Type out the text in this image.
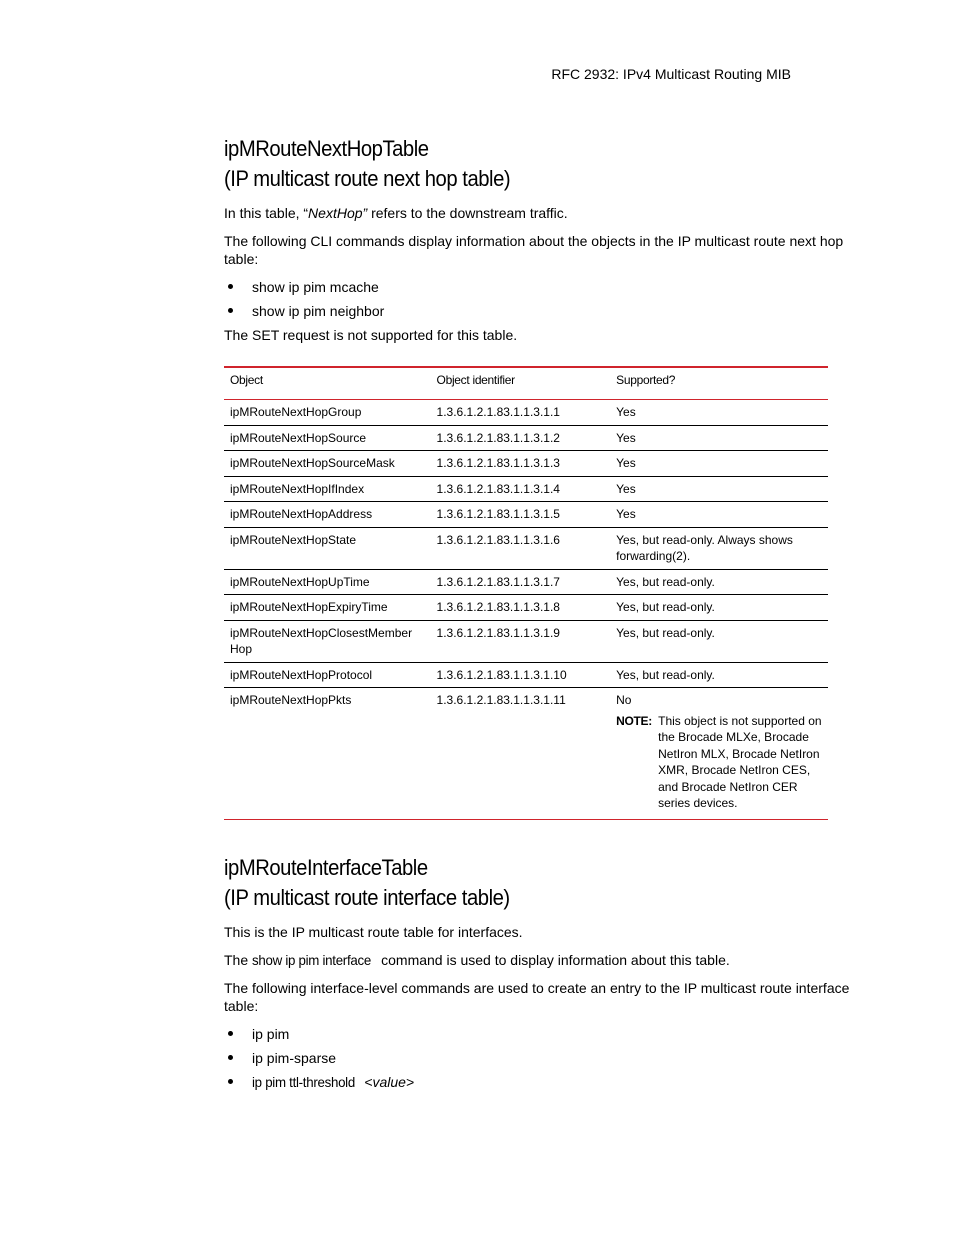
RFC 2932: IPv4 Multicast Routing MIB
ipMRouteNextHopTable
(IP multicast route next hop table)

In this table, “NextHop” refers to the downstream traffic.

The following CLI commands display information about the objects in the IP multicast route next hop table:

show ip pim mcache
show ip pim neighbor

The SET request is not supported for this table.

Object	Object identifier	Supported?
ipMRouteNextHopGroup	1.3.6.1.2.1.83.1.1.3.1.1	Yes
ipMRouteNextHopSource	1.3.6.1.2.1.83.1.1.3.1.2	Yes
ipMRouteNextHopSourceMask	1.3.6.1.2.1.83.1.1.3.1.3	Yes
ipMRouteNextHopIfIndex	1.3.6.1.2.1.83.1.1.3.1.4	Yes
ipMRouteNextHopAddress	1.3.6.1.2.1.83.1.1.3.1.5	Yes
ipMRouteNextHopState	1.3.6.1.2.1.83.1.1.3.1.6	Yes, but read-only. Always shows forwarding(2).
ipMRouteNextHopUpTime	1.3.6.1.2.1.83.1.1.3.1.7	Yes, but read-only.
ipMRouteNextHopExpiryTime	1.3.6.1.2.1.83.1.1.3.1.8	Yes, but read-only.
ipMRouteNextHopClosestMember Hop	1.3.6.1.2.1.83.1.1.3.1.9	Yes, but read-only.
ipMRouteNextHopProtocol	1.3.6.1.2.1.83.1.1.3.1.10	Yes, but read-only.
ipMRouteNextHopPkts	1.3.6.1.2.1.83.1.1.3.1.11	No
NOTE: This object is not supported on the Brocade MLXe, Brocade NetIron MLX, Brocade NetIron XMR, Brocade NetIron CES, and Brocade NetIron CER series devices.
ipMRouteInterfaceTable
(IP multicast route interface table)

This is the IP multicast route table for interfaces.

The show ip pim interface command is used to display information about this table.

The following interface-level commands are used to create an entry to the IP multicast route interface table:

ip pim
ip pim-sparse
ip pim ttl-threshold <value>
